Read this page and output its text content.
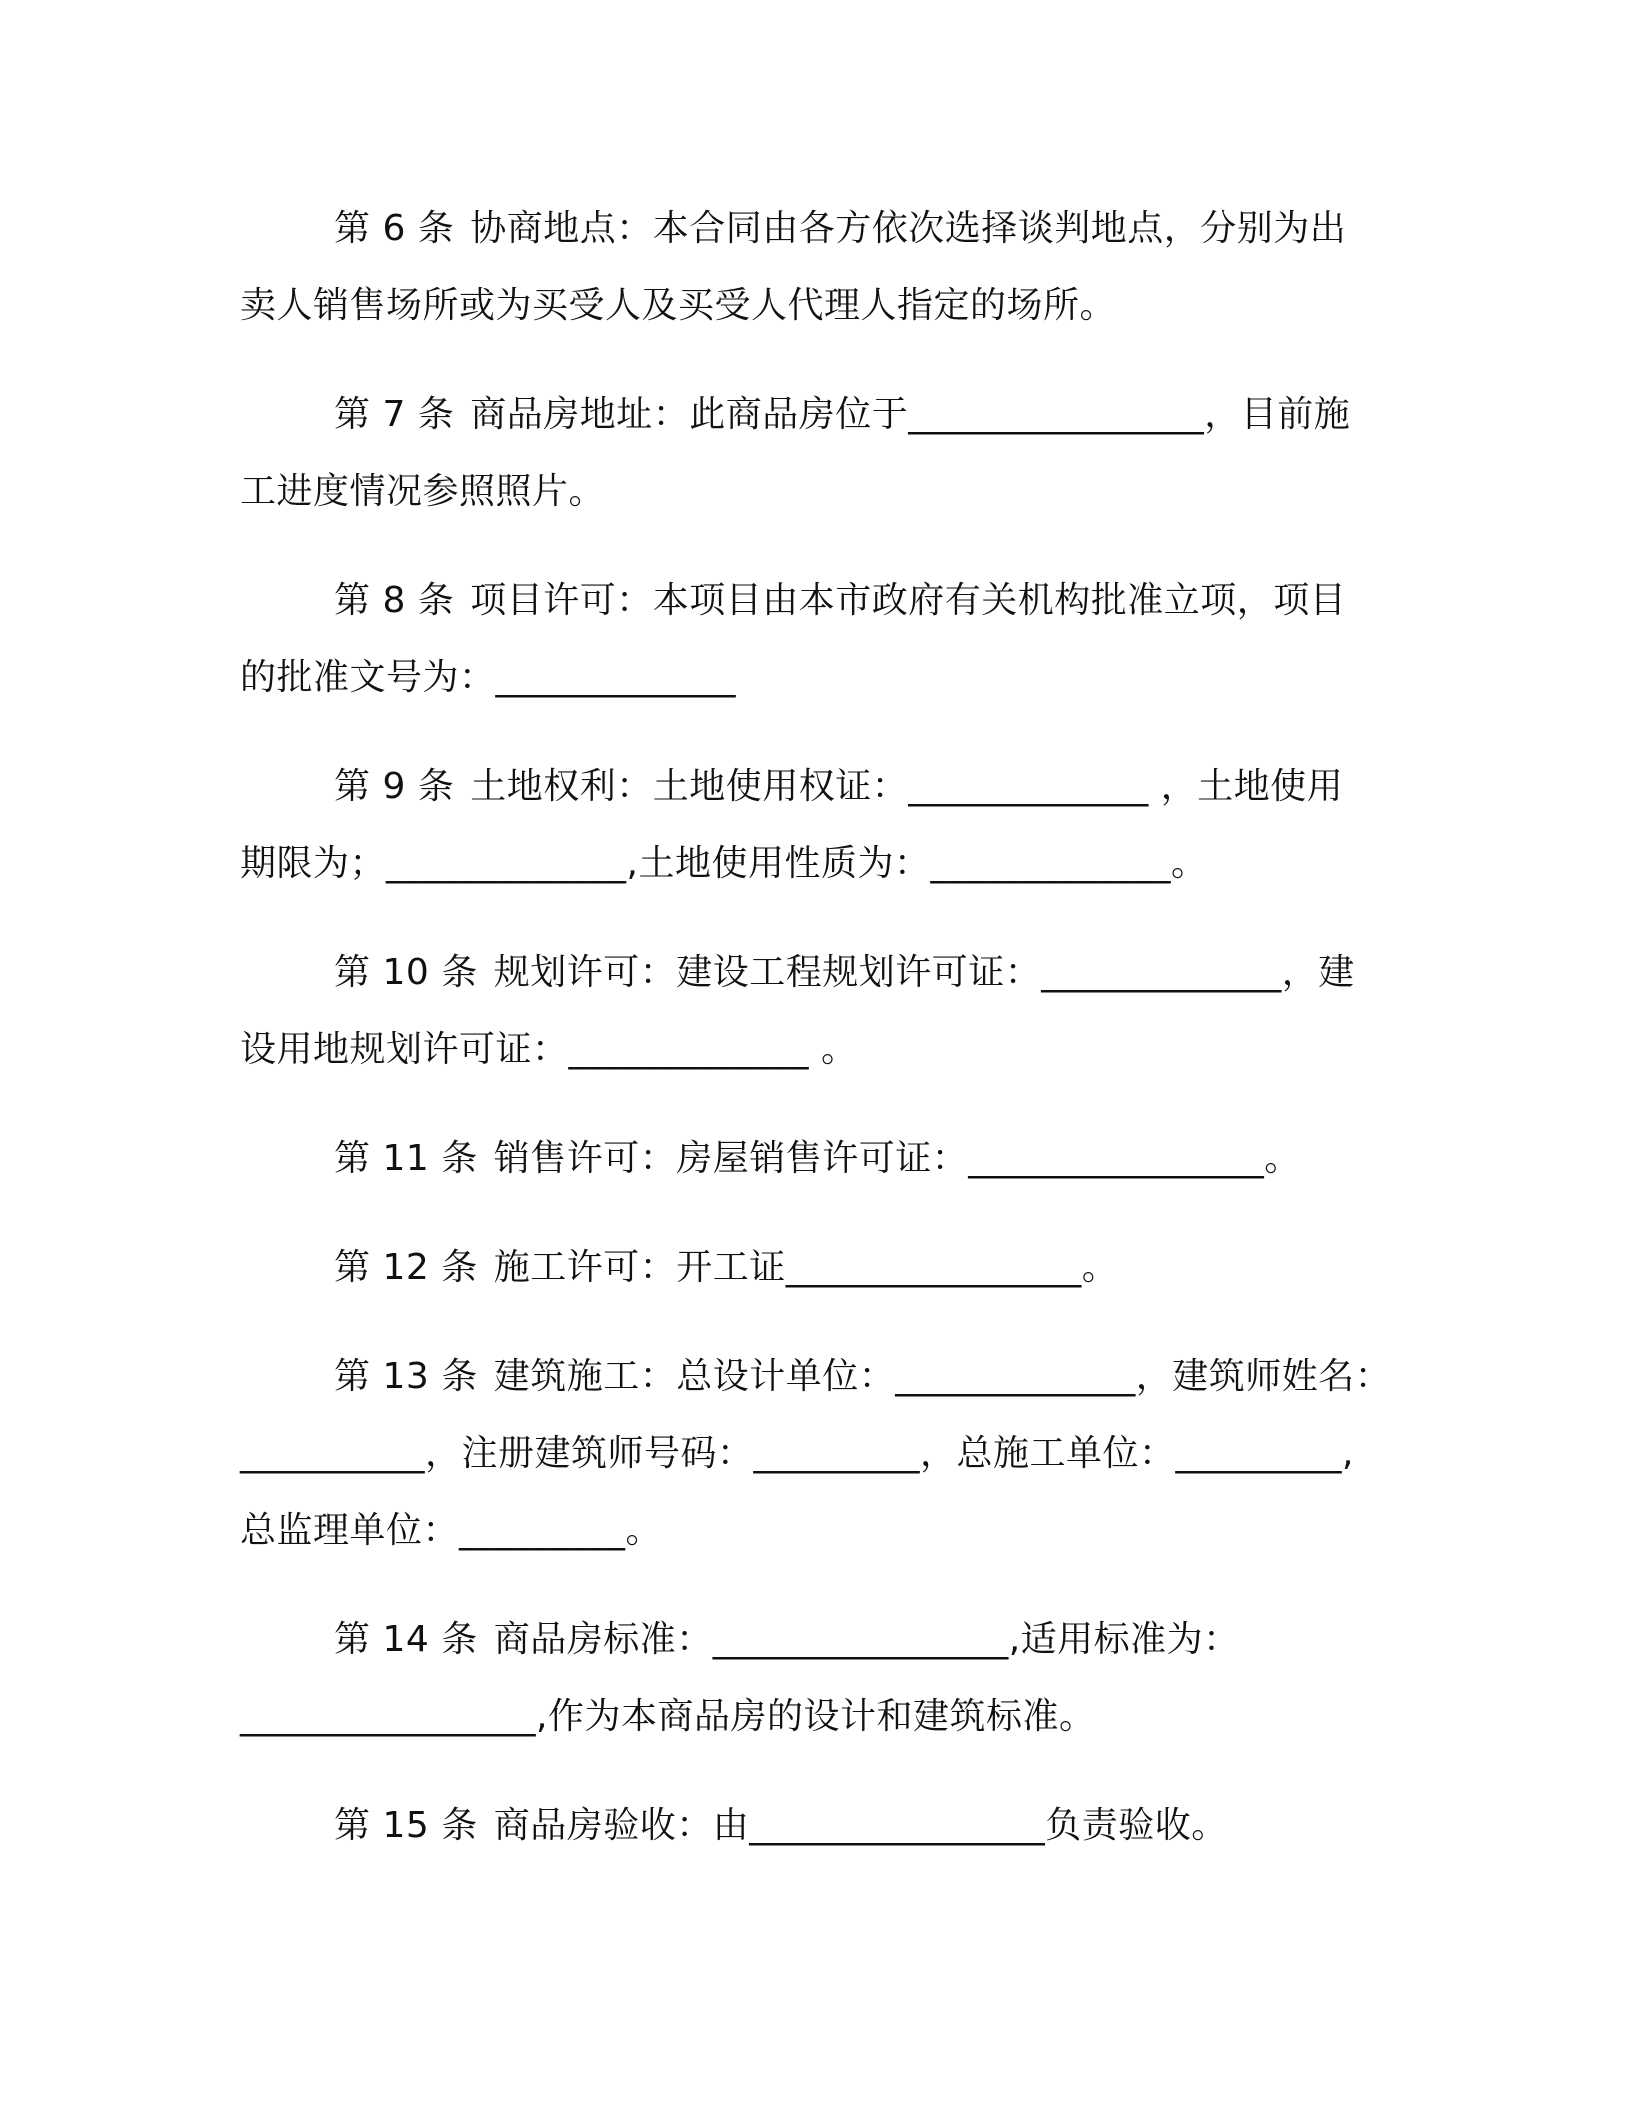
第 6 条 协商地点：本合同由各方依次选择谈判地点，分别为出
卖人销售场所或为买受人及买受人代理人指定的场所。
第 7 条 商品房地址：此商品房位于________________，目前施
工进度情况参照照片。
第 8 条 项目许可：本项目由本市政府有关机构批准立项，项目
的批准文号为：_____________
第 9 条 土地权利：土地使用权证：_____________ ，土地使用
期限为；_____________,土地使用性质为：_____________。
第 10 条 规划许可：建设工程规划许可证：_____________，建
设用地规划许可证：_____________ 。
第 11 条 销售许可：房屋销售许可证：________________。
第 12 条 施工许可：开工证________________。
第 13 条 建筑施工：总设计单位：_____________，建筑师姓名：
__________，注册建筑师号码：_________，总施工单位：_________,
总监理单位：_________。
第 14 条 商品房标准：________________,适用标准为：
________________,作为本商品房的设计和建筑标准。
第 15 条 商品房验收：由________________负责验收。
